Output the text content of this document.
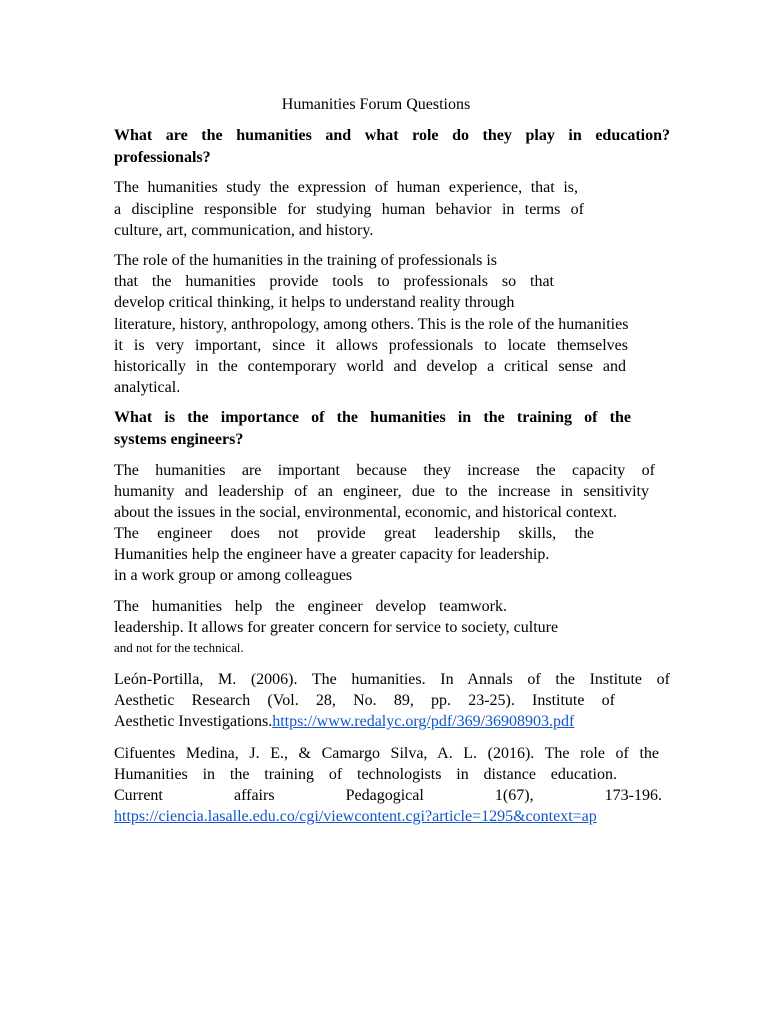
Humanities Forum Questions

What are the humanities and what role do they play in education?

professionals?

The humanities study the expression of human experience, that is,

a discipline responsible for studying human behavior in terms of

culture, art, communication, and history.

The role of the humanities in the training of professionals is

that the humanities provide tools to professionals so that

develop critical thinking, it helps to understand reality through

literature, history, anthropology, among others. This is the role of the humanities

it is very important, since it allows professionals to locate themselves

historically in the contemporary world and develop a critical sense and

analytical.

What is the importance of the humanities in the training of the

systems engineers?

The humanities are important because they increase the capacity of

humanity and leadership of an engineer, due to the increase in sensitivity

about the issues in the social, environmental, economic, and historical context.

The engineer does not provide great leadership skills, the

Humanities help the engineer have a greater capacity for leadership.

in a work group or among colleagues

The humanities help the engineer develop teamwork.

leadership. It allows for greater concern for service to society, culture

and not for the technical.

León-Portilla, M. (2006). The humanities. In Annals of the Institute of

Aesthetic Research (Vol. 28, No. 89, pp. 23-25). Institute of

Aesthetic Investigations.https://www.redalyc.org/pdf/369/36908903.pdf

Cifuentes Medina, J. E., & Camargo Silva, A. L. (2016). The role of the

Humanities in the training of technologists in distance education.

Current affairs Pedagogical 1(67), 173-196.

https://ciencia.lasalle.edu.co/cgi/viewcontent.cgi?article=1295&context=ap
